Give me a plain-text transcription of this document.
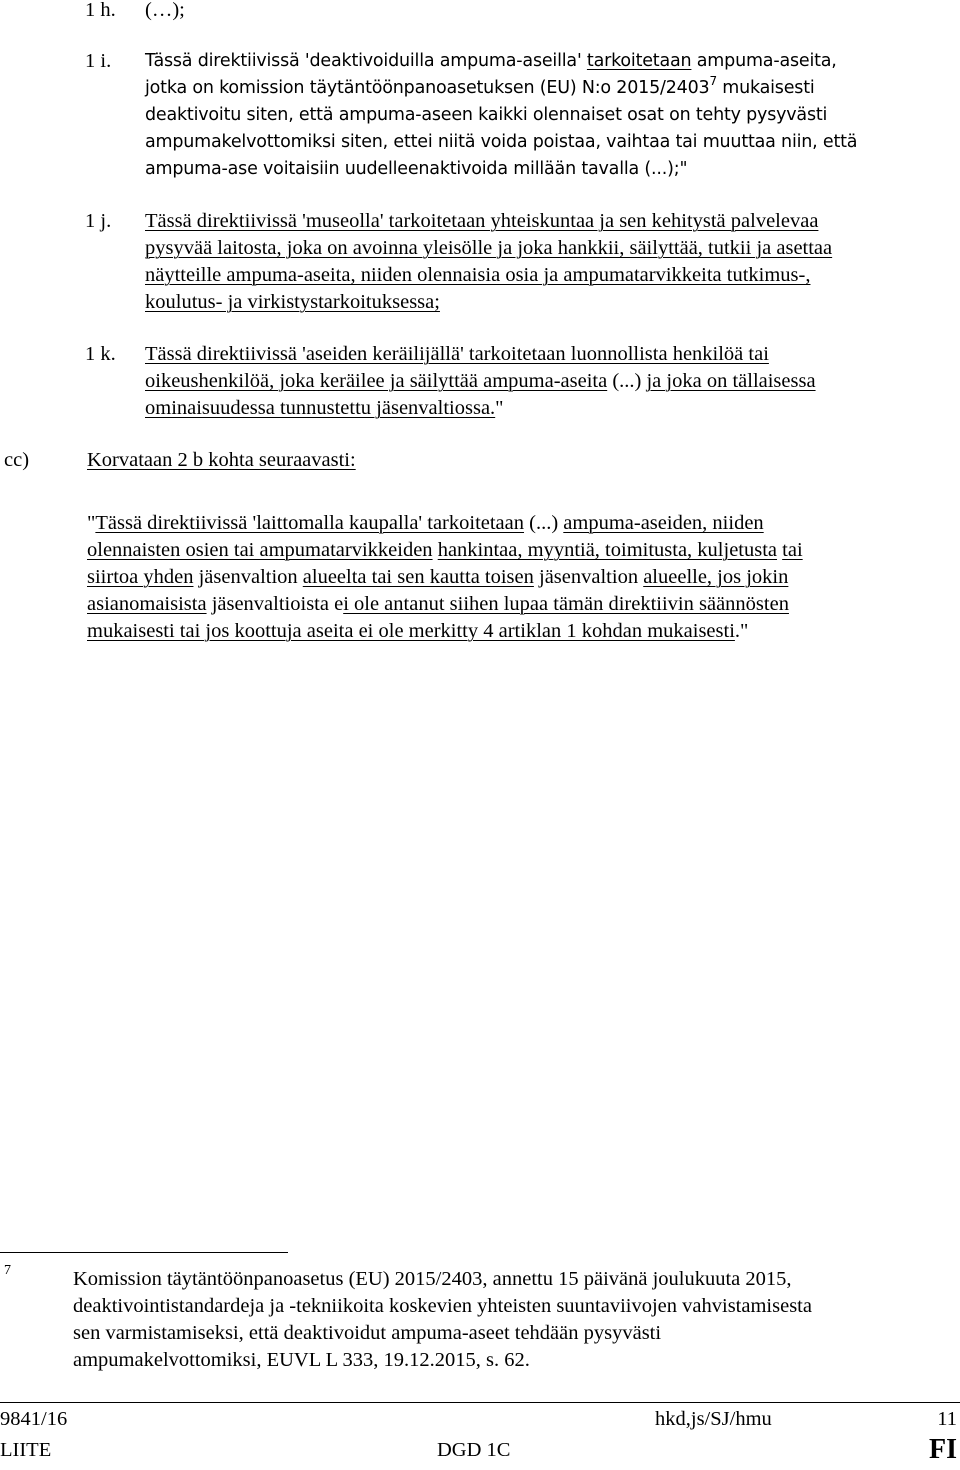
1 h. (…);
1 i. Tässä direktiivissä 'deaktivoiduilla ampuma-aseilla' tarkoitetaan ampuma-aseita,
jotka on komission täytäntöönpanoasetuksen (EU) N:o 2015/2403$^7$ mukaisesti
deaktivoitu siten, että ampuma-aseen kaikki olennaiset osat on tehty pysyvästi
ampumakelvottomiksi siten, ettei niitä voida poistaa, vaihtaa tai muuttaa niin, että
ampuma-ase voitaisiin uudelleenaktivoida millään tavalla (...);"
1 j. Tässä direktiivissä 'museolla' tarkoitetaan yhteiskuntaa ja sen kehitystä palvelevaa
pysyvää laitosta, joka on avoinna yleisölle ja joka hankkii, säilyttää, tutkii ja asettaa
näytteille ampuma-aseita, niiden olennaisia osia ja ampumatarvikkeita tutkimus-,
koulutus- ja virkistystarkoituksessa;
1 k. Tässä direktiivissä 'aseiden keräilijällä' tarkoitetaan luonnollista henkilöä tai
oikeushenkilöä, joka keräilee ja säilyttää ampuma-aseita (...) ja joka on tällaisessa
ominaisuudessa tunnustettu jäsenvaltiossa."
cc)	Korvataan 2 b kohta seuraavasti:
"Tässä direktiivissä 'laittomalla kaupalla' tarkoitetaan (...) ampuma-aseiden, niiden
olennaisten osien tai ampumatarvikkeiden hankintaa, myyntiä, toimitusta, kuljetusta tai
siirtoa yhden jäsenvaltion alueelta tai sen kautta toisen jäsenvaltion alueelle, jos jokin
asianomaisista jäsenvaltioista ei ole antanut siihen lupaa tämän direktiivin säännösten
mukaisesti tai jos koottuja aseita ei ole merkitty 4 artiklan 1 kohdan mukaisesti."
7	Komission täytäntöönpanoasetus (EU) 2015/2403, annettu 15 päivänä joulukuuta 2015,
deaktivointistandardeja ja -tekniikoita koskevien yhteisten suuntaviivojen vahvistamisesta
sen varmistamiseksi, että deaktivoidut ampuma-aseet tehdään pysyvästi
ampumakelvottomiksi, EUVL L 333, 19.12.2015, s. 62.
9841/16	hkd,js/SJ/hmu	11
LIITE	DGD 1C	FI
